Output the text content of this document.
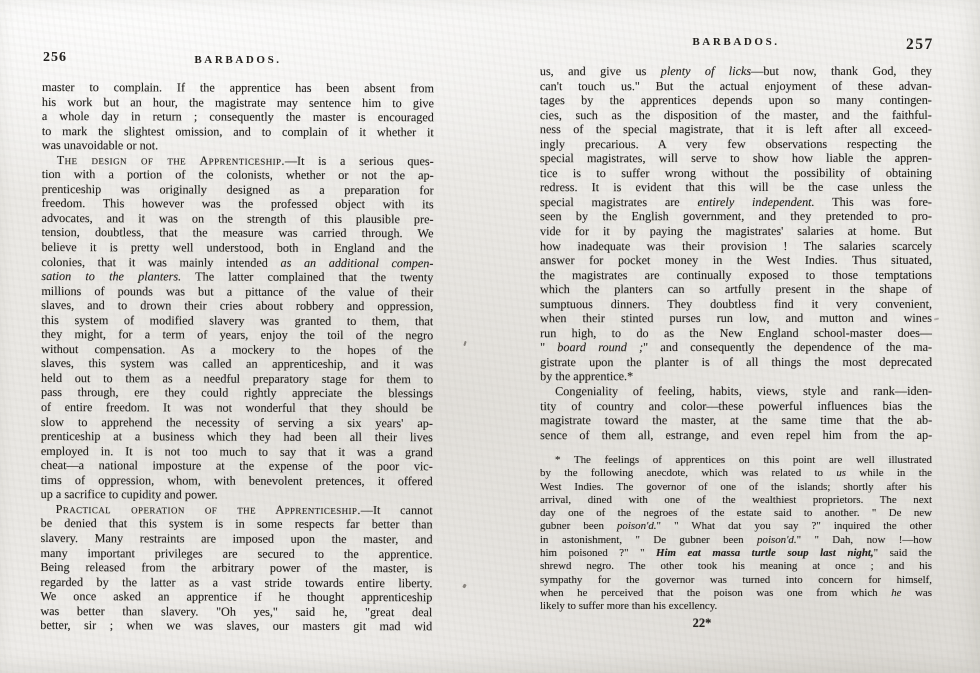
256	BARBADOS.
master to complain. If the apprentice has been absent from
his work but an hour, the magistrate may sentence him to give
a whole day in return ; consequently the master is encouraged
to mark the slightest omission, and to complain of it whether it
was unavoidable or not.
The design of the Apprenticeship.—It is a serious ques-
tion with a portion of the colonists, whether or not the ap-
prenticeship was originally designed as a preparation for
freedom. This however was the professed object with its
advocates, and it was on the strength of this plausible pre-
tension, doubtless, that the measure was carried through. We
believe it is pretty well understood, both in England and the
colonies, that it was mainly intended as an additional compen-
sation to the planters. The latter complained that the twenty
millions of pounds was but a pittance of the value of their
slaves, and to drown their cries about robbery and oppression,
this system of modified slavery was granted to them, that
they might, for a term of years, enjoy the toil of the negro
without compensation. As a mockery to the hopes of the
slaves, this system was called an apprenticeship, and it was
held out to them as a needful preparatory stage for them to
pass through, ere they could rightly appreciate the blessings
of entire freedom. It was not wonderful that they should be
slow to apprehend the necessity of serving a six years' ap-
prenticeship at a business which they had been all their lives
employed in. It is not too much to say that it was a grand
cheat—a national imposture at the expense of the poor vic-
tims of oppression, whom, with benevolent pretences, it offered
up a sacrifice to cupidity and power.
Practical operation of the Apprenticeship.—It cannot
be denied that this system is in some respects far better than
slavery. Many restraints are imposed upon the master, and
many important privileges are secured to the apprentice.
Being released from the arbitrary power of the master, is
regarded by the latter as a vast stride towards entire liberty.
We once asked an apprentice if he thought apprenticeship
was better than slavery. "Oh yes," said he, "great deal
better, sir ; when we was slaves, our masters git mad wid
BARBADOS.	257
us, and give us plenty of licks—but now, thank God, they
can't touch us." But the actual enjoyment of these advan-
tages by the apprentices depends upon so many contingen-
cies, such as the disposition of the master, and the faithful-
ness of the special magistrate, that it is left after all exceed-
ingly precarious. A very few observations respecting the
special magistrates, will serve to show how liable the appren-
tice is to suffer wrong without the possibility of obtaining
redress. It is evident that this will be the case unless the
special magistrates are entirely independent. This was fore-
seen by the English government, and they pretended to pro-
vide for it by paying the magistrates' salaries at home. But
how inadequate was their provision ! The salaries scarcely
answer for pocket money in the West Indies. Thus situated,
the magistrates are continually exposed to those temptations
which the planters can so artfully present in the shape of
sumptuous dinners. They doubtless find it very convenient,
when their stinted purses run low, and mutton and wines
run high, to do as the New England school-master does—
" board round ;" and consequently the dependence of the ma-
gistrate upon the planter is of all things the most deprecated
by the apprentice.*
Congeniality of feeling, habits, views, style and rank—iden-
tity of country and color—these powerful influences bias the
magistrate toward the master, at the same time that the ab-
sence of them all, estrange, and even repel him from the ap-
* The feelings of apprentices on this point are well illustrated
by the following anecdote, which was related to us while in the
West Indies. The governor of one of the islands; shortly after his
arrival, dined with one of the wealthiest proprietors. The next
day one of the negroes of the estate said to another. " De new
gubner been poison'd." " What dat you say ?" inquired the other
in astonishment, " De gubner been poison'd." " Dah, now !—how
him poisoned ?" " Him eat massa turtle soup last night," said the
shrewd negro. The other took his meaning at once ; and his
sympathy for the governor was turned into concern for himself,
when he perceived that the poison was one from which he was
likely to suffer more than his excellency.
22*
